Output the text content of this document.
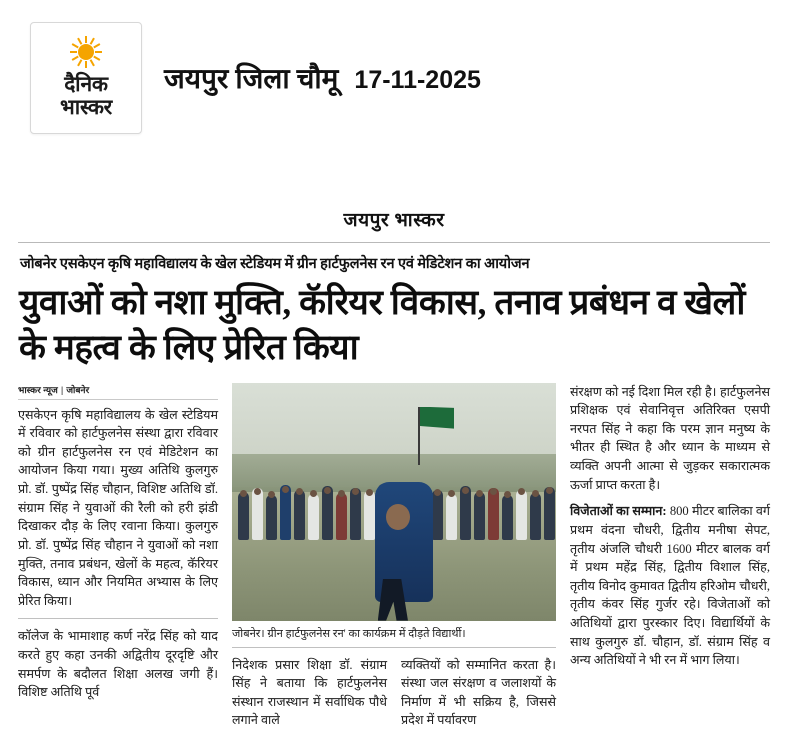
दैनिक
भास्कर
जयपुर जिला चौमू 17-11-2025
जयपुर भास्कर
जोबनेर एसकेएन कृषि महाविद्यालय के खेल स्टेडियम में ग्रीन हार्टफुलनेस रन एवं मेडिटेशन का आयोजन
युवाओं को नशा मुक्ति, कॅरियर विकास, तनाव प्रबंधन व खेलों के महत्व के लिए प्रेरित किया
भास्कर न्यूज | जोबनेर

एसकेएन कृषि महाविद्यालय के खेल स्टेडियम में रविवार को हार्टफुलनेस संस्था द्वारा रविवार को ग्रीन हार्टफुलनेस रन एवं मेडिटेशन का आयोजन किया गया। मुख्य अतिथि कुलगुरु प्रो. डॉ. पुष्पेंद्र सिंह चौहान, विशिष्ट अतिथि डॉ. संग्राम सिंह ने युवाओं की रैली को हरी झंडी दिखाकर दौड़ के लिए रवाना किया। कुलगुरु प्रो. डॉ. पुष्पेंद्र सिंह चौहान ने युवाओं को नशा मुक्ति, तनाव प्रबंधन, खेलों के महत्व, कॅरियर विकास, ध्यान और नियमित अभ्यास के लिए प्रेरित किया।

कॉलेज के भामाशाह कर्ण नरेंद्र सिंह को याद करते हुए कहा उनकी अद्वितीय दूरदृष्टि और समर्पण के बदौलत शिक्षा अलख जगी हैं। विशिष्ट अतिथि पूर्व

जोबनेर। ग्रीन हार्टफुलनेस रन' का कार्यक्रम में दौड़ते विद्यार्थी।

निदेशक प्रसार शिक्षा डॉ. संग्राम सिंह ने बताया कि हार्टफुलनेस संस्थान राजस्थान में सर्वाधिक पौधे लगाने वाले

व्यक्तियों को सम्मानित करता है। संस्था जल संरक्षण व जलाशयों के निर्माण में भी सक्रिय है, जिससे प्रदेश में पर्यावरण

संरक्षण को नई दिशा मिल रही है। हार्टफुलनेस प्रशिक्षक एवं सेवानिवृत्त अतिरिक्त एसपी नरपत सिंह ने कहा कि परम ज्ञान मनुष्य के भीतर ही स्थित है और ध्यान के माध्यम से व्यक्ति अपनी आत्मा से जुड़कर सकारात्मक ऊर्जा प्राप्त करता है।

विजेताओं का सम्मान: 800 मीटर बालिका वर्ग प्रथम वंदना चौधरी, द्वितीय मनीषा सेपट, तृतीय अंजलि चौधरी 1600 मीटर बालक वर्ग में प्रथम महेंद्र सिंह, द्वितीय विशाल सिंह, तृतीय विनोद कुमावत द्वितीय हरिओम चौधरी, तृतीय कंवर सिंह गुर्जर रहे। विजेताओं को अतिथियों द्वारा पुरस्कार दिए। विद्यार्थियों के साथ कुलगुरु डॉ. चौहान, डॉ. संग्राम सिंह व अन्य अतिथियों ने भी रन में भाग लिया।
